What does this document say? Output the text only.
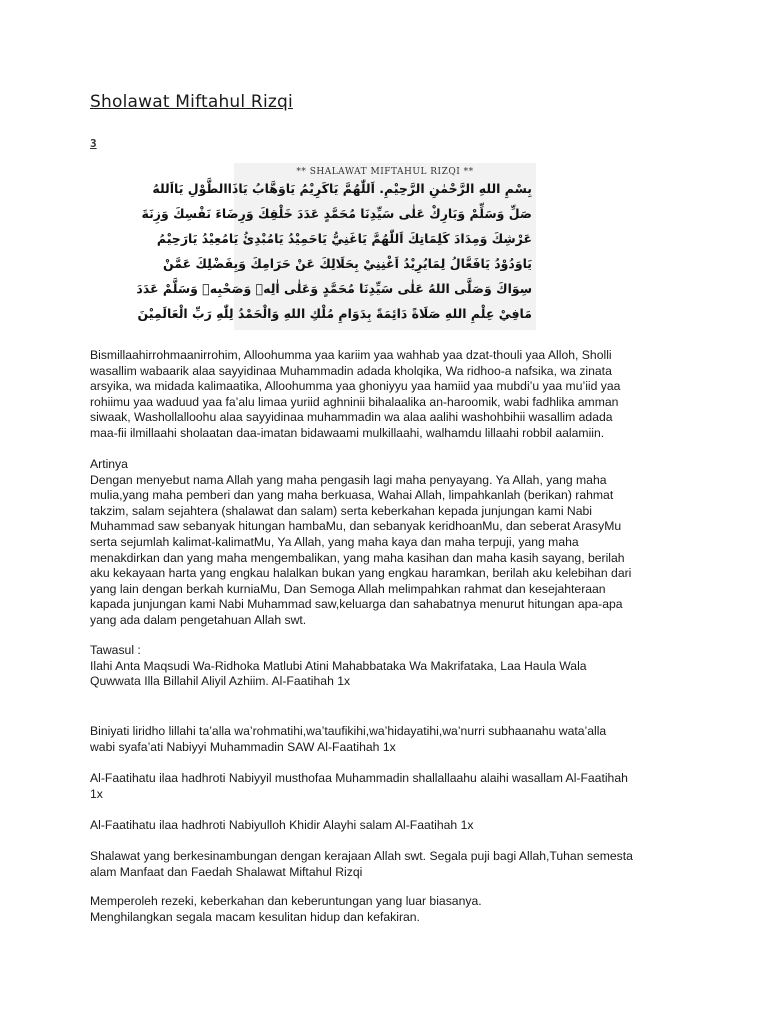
Sholawat Miftahul Rizqi
3
** SHALAWAT MIFTAHUL RIZQI **
بِسْمِ اللهِ الرَّحْمٰنِ الرَّحِيْمِ. اَللّٰهُمَّ يَاكَرِيْمُ يَاوَهَّابُ يَاذَاالطَّوْلِ يَااَللهُ
صَلِّ وَسَلِّمْ وَبَارِكْ عَلٰى سَيِّدِنَا مُحَمَّدٍ عَدَدَ خَلْقِكَ وَرِضَاءَ نَفْسِكَ وَزِنَةَ
عَرْشِكَ وَمِدَادَ كَلِمَاتِكَ اَللّٰهُمَّ يَاغَنِيُّ يَاحَمِيْدُ يَامُبْدِئُ يَامُعِيْدُ يَارَحِيْمُ
يَاوَدُوْدُ يَافَعَّالُ لِمَايُرِيْدُ اَغْنِنِيْ بِحَلَالِكَ عَنْ حَرَامِكَ وَبِفَضْلِكَ عَمَّنْ
سِوَاكَ وَصَلَّى اللهُ عَلٰى سَيِّدِنَا مُحَمَّدٍ وَعَلٰى اٰلِهٖ وَصَحْبِهٖ وَسَلَّمْ عَدَدَ
مَافِيْ عِلْمِ اللهِ صَلَاةً دَائِمَةً بِدَوَامِ مُلْكِ اللهِ وَالْحَمْدُ لِلّٰهِ رَبِّ الْعَالَمِيْنَ
Bismillaahirrohmaanirrohim, Alloohumma yaa kariim yaa wahhab yaa dzat-thouli yaa Alloh, Sholli
wasallim wabaarik alaa sayyidinaa Muhammadin adada kholqika, Wa ridhoo-a nafsika, wa zinata
arsyika, wa midada kalimaatika, Alloohumma yaa ghoniyyu yaa hamiid yaa mubdi’u yaa mu’iid yaa
rohiimu yaa waduud yaa fa’alu limaa yuriid aghninii bihalaalika an-haroomik, wabi fadhlika amman
siwaak, Washollalloohu alaa sayyidinaa muhammadin wa alaa aalihi washohbihii wasallim adada
maa-fii ilmillaahi sholaatan daa-imatan bidawaami mulkillaahi, walhamdu lillaahi robbil aalamiin.
Artinya
Dengan menyebut nama Allah yang maha pengasih lagi maha penyayang. Ya Allah, yang maha
mulia,yang maha pemberi dan yang maha berkuasa, Wahai Allah, limpahkanlah (berikan) rahmat
takzim, salam sejahtera (shalawat dan salam) serta keberkahan kepada junjungan kami Nabi
Muhammad saw sebanyak hitungan hambaMu, dan sebanyak keridhoanMu, dan seberat ArasyMu
serta sejumlah kalimat-kalimatMu, Ya Allah, yang maha kaya dan maha terpuji, yang maha
menakdirkan dan yang maha mengembalikan, yang maha kasihan dan maha kasih sayang, berilah
aku kekayaan harta yang engkau halalkan bukan yang engkau haramkan, berilah aku kelebihan dari
yang lain dengan berkah kurniaMu, Dan Semoga Allah melimpahkan rahmat dan kesejahteraan
kapada junjungan kami Nabi Muhammad saw,keluarga dan sahabatnya menurut hitungan apa-apa
yang ada dalam pengetahuan Allah swt.
Tawasul :
Ilahi Anta Maqsudi Wa-Ridhoka Matlubi Atini Mahabbataka Wa Makrifataka, Laa Haula Wala
Quwwata Illa Billahil Aliyil Azhiim. Al-Faatihah 1x
Biniyati liridho lillahi ta’alla wa’rohmatihi,wa’taufikihi,wa’hidayatihi,wa’nurri subhaanahu wata’alla
wabi syafa’ati Nabiyyi Muhammadin SAW Al-Faatihah 1x
Al-Faatihatu ilaa hadhroti Nabiyyil musthofaa Muhammadin shallallaahu alaihi wasallam Al-Faatihah
1x
Al-Faatihatu ilaa hadhroti Nabiyulloh Khidir Alayhi salam Al-Faatihah 1x
Shalawat yang berkesinambungan dengan kerajaan Allah swt. Segala puji bagi Allah,Tuhan semesta
alam Manfaat dan Faedah Shalawat Miftahul Rizqi
Memperoleh rezeki, keberkahan dan keberuntungan yang luar biasanya.
Menghilangkan segala macam kesulitan hidup dan kefakiran.
